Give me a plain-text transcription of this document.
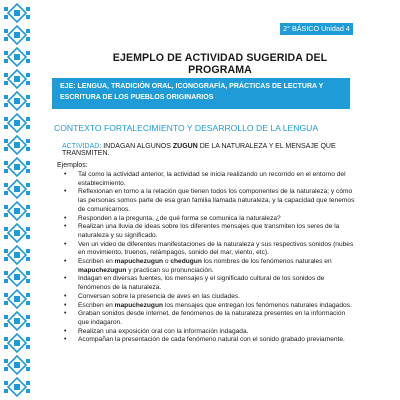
2° BÁSICO Unidad 4
EJEMPLO DE ACTIVIDAD SUGERIDA DEL PROGRAMA
EJE: LENGUA, TRADICIÓN ORAL, ICONOGRAFÍA, PRÁCTICAS DE LECTURA Y ESCRITURA DE LOS PUEBLOS ORIGINARIOS
CONTEXTO FORTALECIMIENTO Y DESARROLLO DE LA LENGUA
ACTIVIDAD: INDAGAN ALGUNOS ZUGUN DE LA NATURALEZA Y EL MENSAJE QUE TRANSMITEN.
Ejemplos:
• Tal como la actividad anterior, la actividad se inicia realizando un recorrido en el entorno del establecimiento.
• Reflexionan en torno a la relación que tienen todos los componentes de la naturaleza; y cómo las personas somos parte de esa gran familia llamada naturaleza, y la capacidad que tenemos de comunicarnos.
• Responden a la pregunta, ¿de qué forma se comunica la naturaleza?
• Realizan una lluvia de ideas sobre los diferentes mensajes que transmiten los seres de la naturaleza y su significado.
• Ven un video de diferentes manifestaciones de la naturaleza y sus respectivos sonidos (nubes en movimiento, truenos, relámpagos, sonido del mar, viento, etc).
• Escriben en mapuchezugun o chedugun los nombres de los fenómenos naturales en mapuchezugun y practican su pronunciación.
• Indagan en diversas fuentes, los mensajes y el significado cultural de los sonidos de fenómenos de la naturaleza.
• Conversan sobre la presencia de aves en las ciudades.
• Escriben en mapuchezugun los mensajes que entregan los fenómenos naturales indagados.
• Graban sonidos desde internet, de fenómenos de la naturaleza presentes en la información que indagaron.
• Realizan una exposición oral con la información indagada.
• Acompañan la presentación de cada fenómeno natural con el sonido grabado previamente.
